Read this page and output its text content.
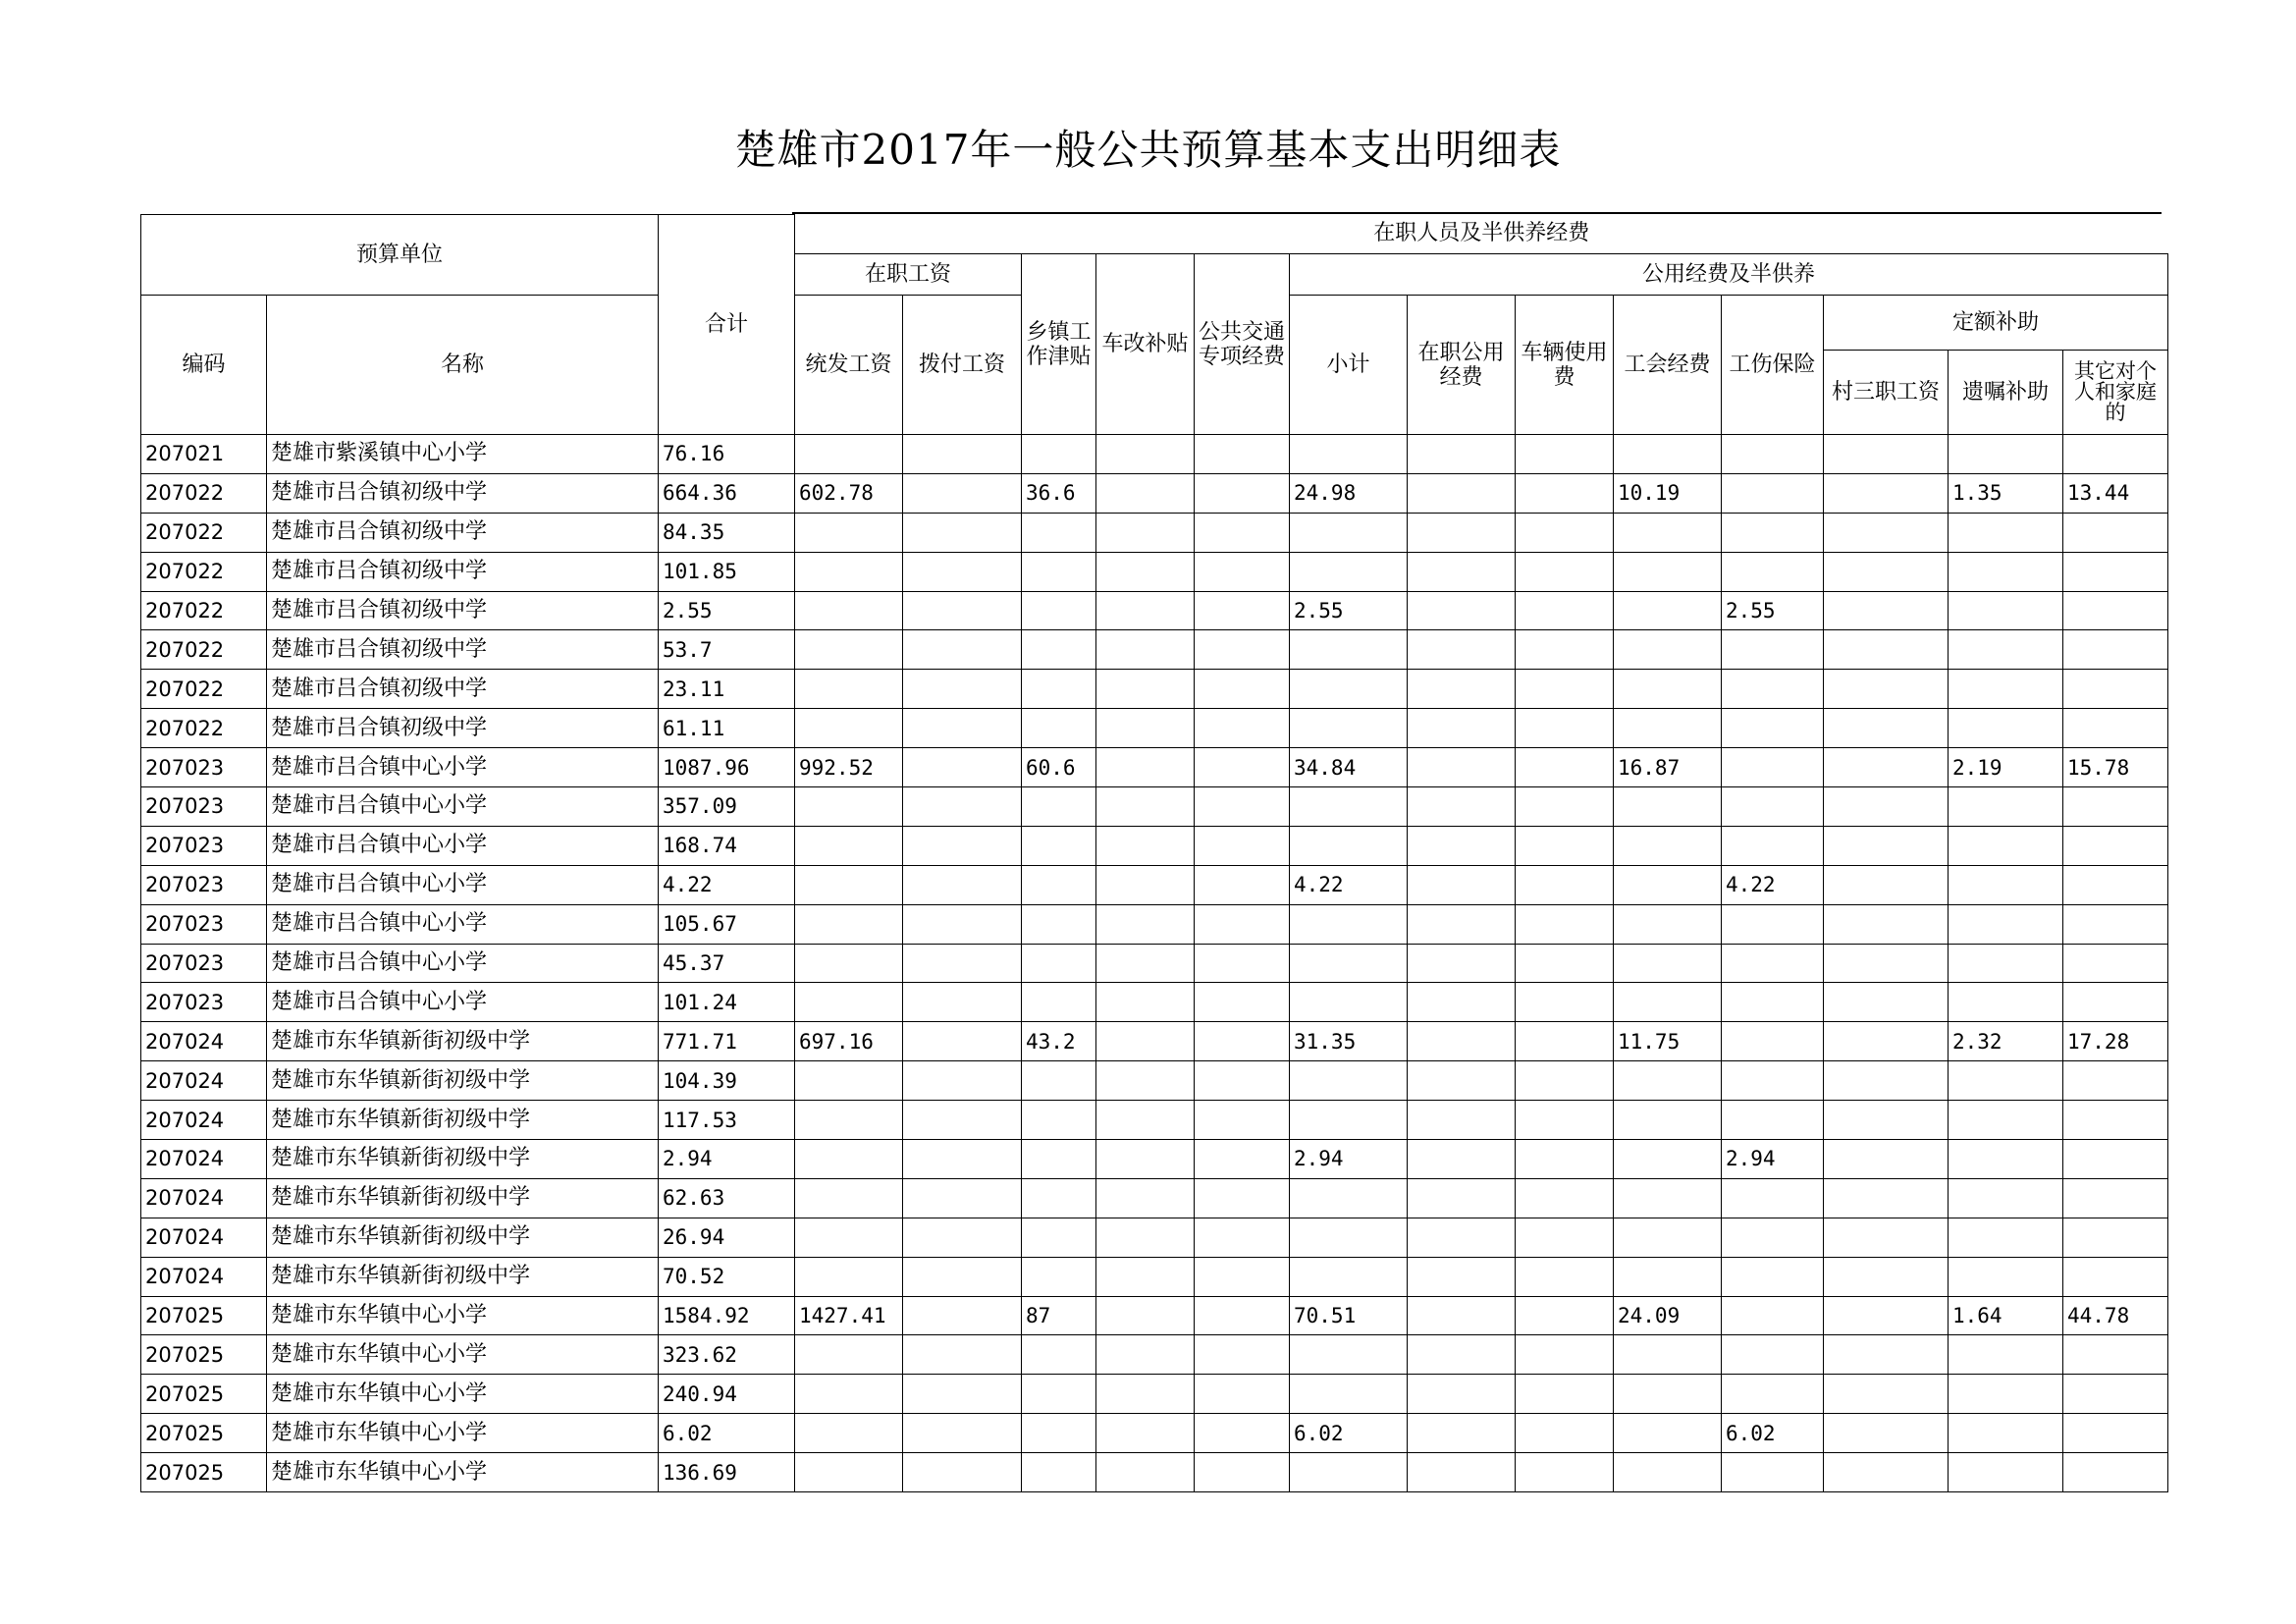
楚雄市2017年一般公共预算基本支出明细表
预算单位		合计	在职人员及半供养经费												
			在职工资		乡镇工作津贴	车改补贴	公共交通专项经费	公用经费及半供养							
编码	名称		统发工资	拨付工资				小计	在职公用经费	车辆使用费	工会经费	工伤保险	定额补助		
													村三职工资	遗嘱补助	其它对个人和家庭的
207021	楚雄市紫溪镇中心小学	76.16													
207022	楚雄市吕合镇初级中学	664.36	602.78		36.6			24.98			10.19			1.35	13.44
207022	楚雄市吕合镇初级中学	84.35													
207022	楚雄市吕合镇初级中学	101.85													
207022	楚雄市吕合镇初级中学	2.55						2.55				2.55			
207022	楚雄市吕合镇初级中学	53.7													
207022	楚雄市吕合镇初级中学	23.11													
207022	楚雄市吕合镇初级中学	61.11													
207023	楚雄市吕合镇中心小学	1087.96	992.52		60.6			34.84			16.87			2.19	15.78
207023	楚雄市吕合镇中心小学	357.09													
207023	楚雄市吕合镇中心小学	168.74													
207023	楚雄市吕合镇中心小学	4.22						4.22				4.22			
207023	楚雄市吕合镇中心小学	105.67													
207023	楚雄市吕合镇中心小学	45.37													
207023	楚雄市吕合镇中心小学	101.24													
207024	楚雄市东华镇新街初级中学	771.71	697.16		43.2			31.35			11.75			2.32	17.28
207024	楚雄市东华镇新街初级中学	104.39													
207024	楚雄市东华镇新街初级中学	117.53													
207024	楚雄市东华镇新街初级中学	2.94						2.94				2.94			
207024	楚雄市东华镇新街初级中学	62.63													
207024	楚雄市东华镇新街初级中学	26.94													
207024	楚雄市东华镇新街初级中学	70.52													
207025	楚雄市东华镇中心小学	1584.92	1427.41		87			70.51			24.09			1.64	44.78
207025	楚雄市东华镇中心小学	323.62													
207025	楚雄市东华镇中心小学	240.94													
207025	楚雄市东华镇中心小学	6.02						6.02				6.02			
207025	楚雄市东华镇中心小学	136.69													
